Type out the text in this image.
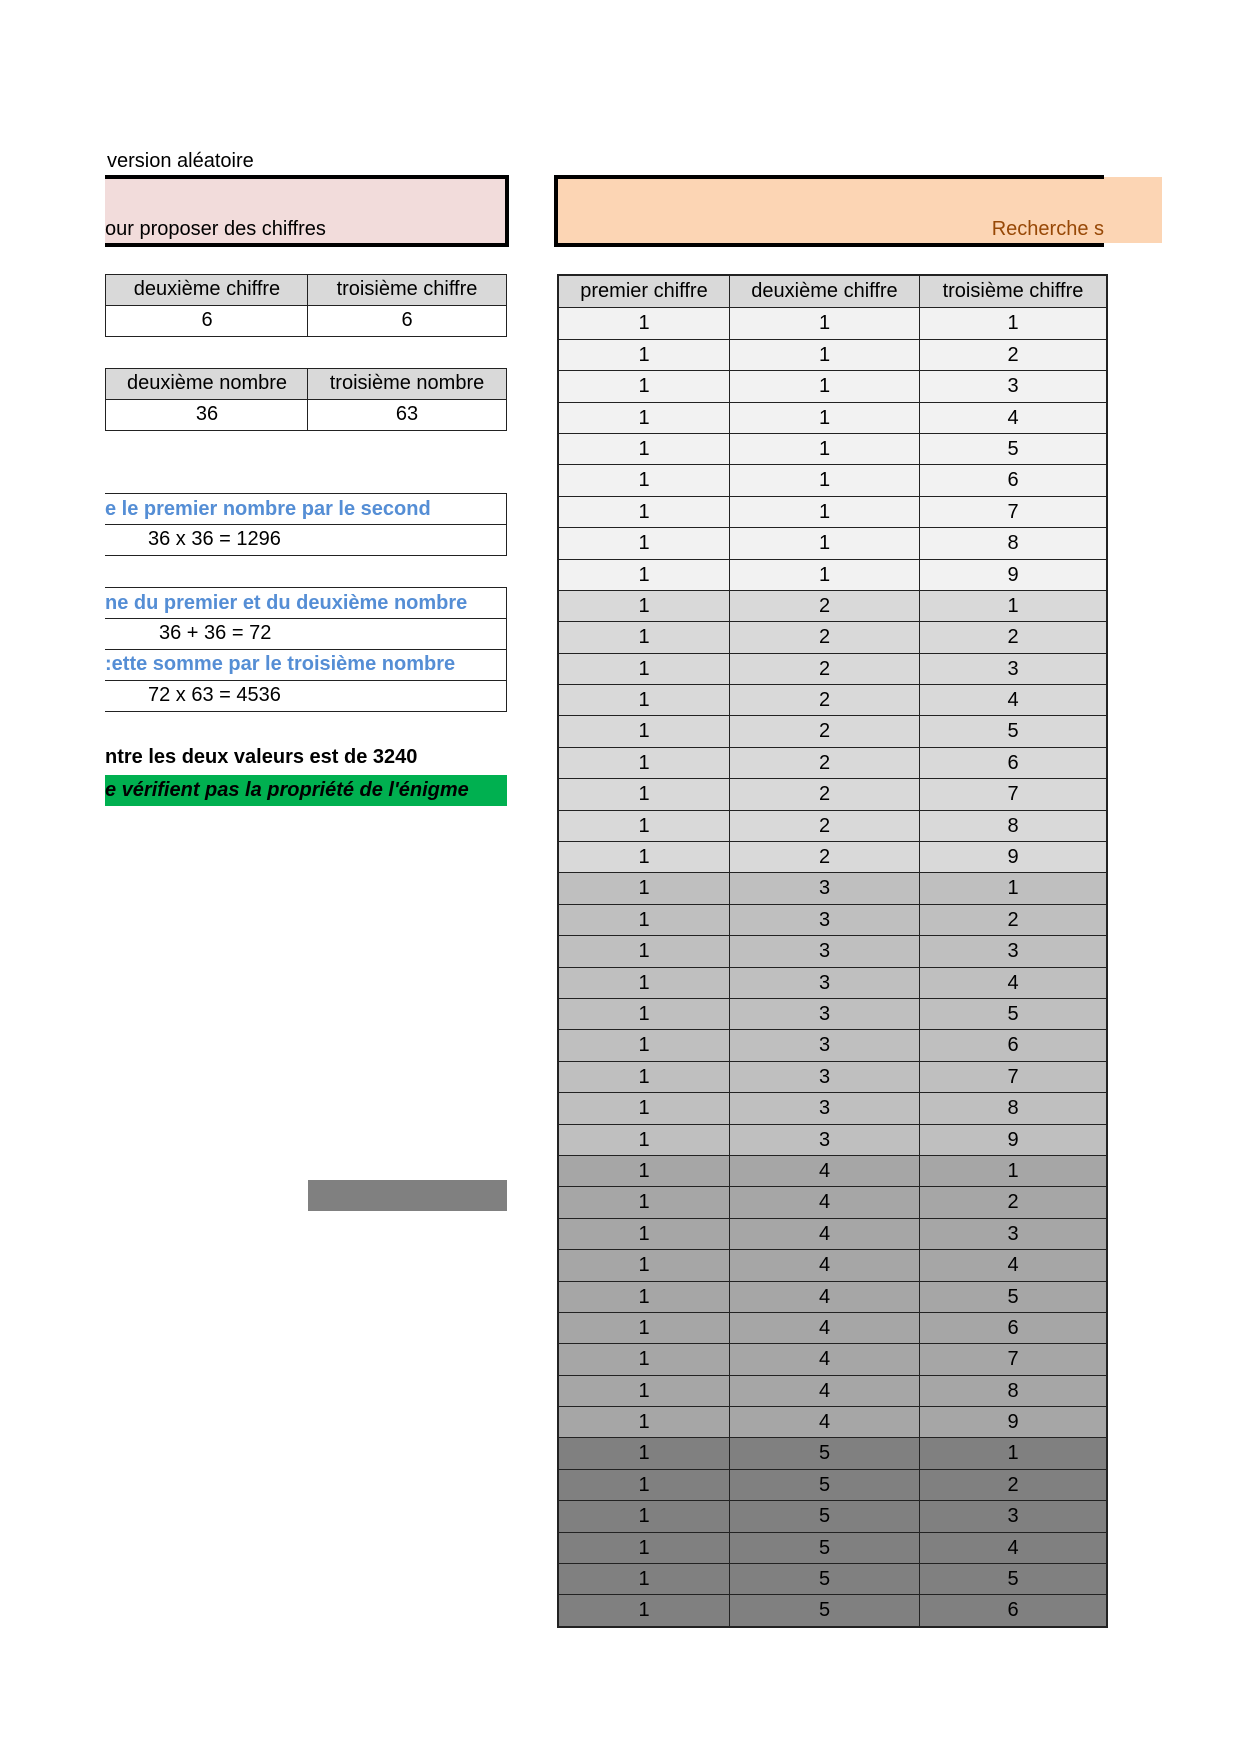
version aléatoire
our proposer des chiffres	Recherche s
deuxième chiffre	troisième chiffre
6	6
deuxième nombre	troisième nombre
36	63
e le premier nombre par le second
36 x 36 = 1296
ne du premier et du deuxième nombre
36 + 36 = 72
:ette somme par le troisième nombre
72 x 63 = 4536
ntre les deux valeurs est de 3240
e vérifient pas la propriété de l'énigme
premier chiffre	deuxième chiffre	troisième chiffre
1	1	1
1	1	2
1	1	3
1	1	4
1	1	5
1	1	6
1	1	7
1	1	8
1	1	9
1	2	1
1	2	2
1	2	3
1	2	4
1	2	5
1	2	6
1	2	7
1	2	8
1	2	9
1	3	1
1	3	2
1	3	3
1	3	4
1	3	5
1	3	6
1	3	7
1	3	8
1	3	9
1	4	1
1	4	2
1	4	3
1	4	4
1	4	5
1	4	6
1	4	7
1	4	8
1	4	9
1	5	1
1	5	2
1	5	3
1	5	4
1	5	5
1	5	6
